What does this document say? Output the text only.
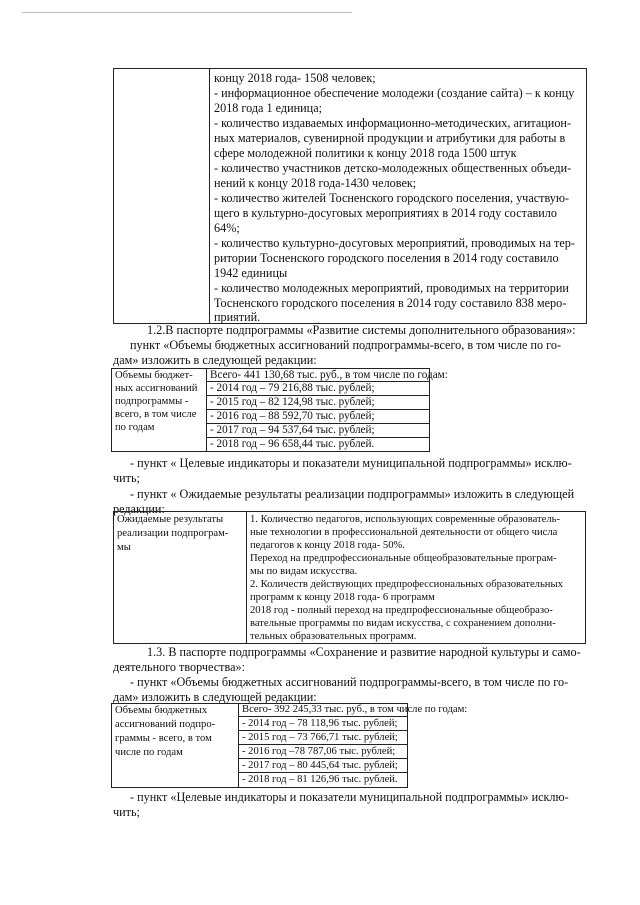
концу 2018 года- 1508 человек;
- информационное обеспечение молодежи (создание сайта) – к концу
2018 года 1 единица;
- количество издаваемых информационно-методических, агитацион-
ных материалов, сувенирной продукции и атрибутики для работы в
сфере молодежной политики к концу 2018 года 1500 штук
- количество участников детско-молодежных общественных объеди-
нений к концу 2018 года-1430 человек;
- количество жителей Тосненского городского поселения, участвую-
щего в культурно-досуговых мероприятиях в 2014 году составило
64%;
- количество культурно-досуговых мероприятий, проводимых на тер-
ритории Тосненского городского поселения в 2014 году составило
1942 единицы
- количество молодежных мероприятий, проводимых на территории
Тосненского городского поселения в 2014 году составило 838 меро-
приятий.
1.2.В паспорте подпрограммы «Развитие системы дополнительного образования»:
пункт «Объемы бюджетных ассигнований подпрограммы-всего, в том числе по го-
дам» изложить в следующей редакции:
Объемы бюджет-
ных ассигнований
подпрограммы -
всего, в том числе
по годам
Всего- 441 130,68 тыс. руб., в том числе по годам:
- 2014 год – 79 216,88 тыс. рублей;
- 2015 год – 82 124,98 тыс. рублей;
- 2016 год – 88 592,70 тыс. рублей;
- 2017 год – 94 537,64 тыс. рублей;
- 2018 год – 96 658,44 тыс. рублей.
- пункт « Целевые индикаторы и показатели муниципальной подпрограммы» исклю-
чить;
- пункт « Ожидаемые результаты реализации подпрограммы» изложить в следующей
редакции:
Ожидаемые результаты
реализации подпрограм-
мы
1. Количество педагогов, использующих современные образователь-
ные технологии в профессиональной деятельности от общего числа
педагогов к концу 2018 года- 50%.
Переход на предпрофессиональные общеобразовательные програм-
мы по видам искусства.
2. Количеств действующих предпрофессиональных образовательных
программ к концу 2018 года- 6 программ
2018 год - полный переход на предпрофессиональные общеобразо-
вательные программы по видам искусства, с сохранением дополни-
тельных образовательных программ.
1.3. В паспорте подпрограммы «Сохранение и развитие народной культуры и само-
деятельного творчества»:
- пункт «Объемы бюджетных ассигнований подпрограммы-всего, в том числе по го-
дам» изложить в следующей редакции:
Объемы бюджетных
ассигнований подпро-
граммы - всего, в том
числе по годам
Всего- 392 245,33 тыс. руб., в том числе по годам:
- 2014 год – 78 118,96 тыс. рублей;
- 2015 год – 73 766,71 тыс. рублей;
- 2016 год –78 787,06 тыс. рублей;
- 2017 год – 80 445,64 тыс. рублей;
- 2018 год – 81 126,96 тыс. рублей.
- пункт «Целевые индикаторы и показатели муниципальной подпрограммы» исклю-
чить;
